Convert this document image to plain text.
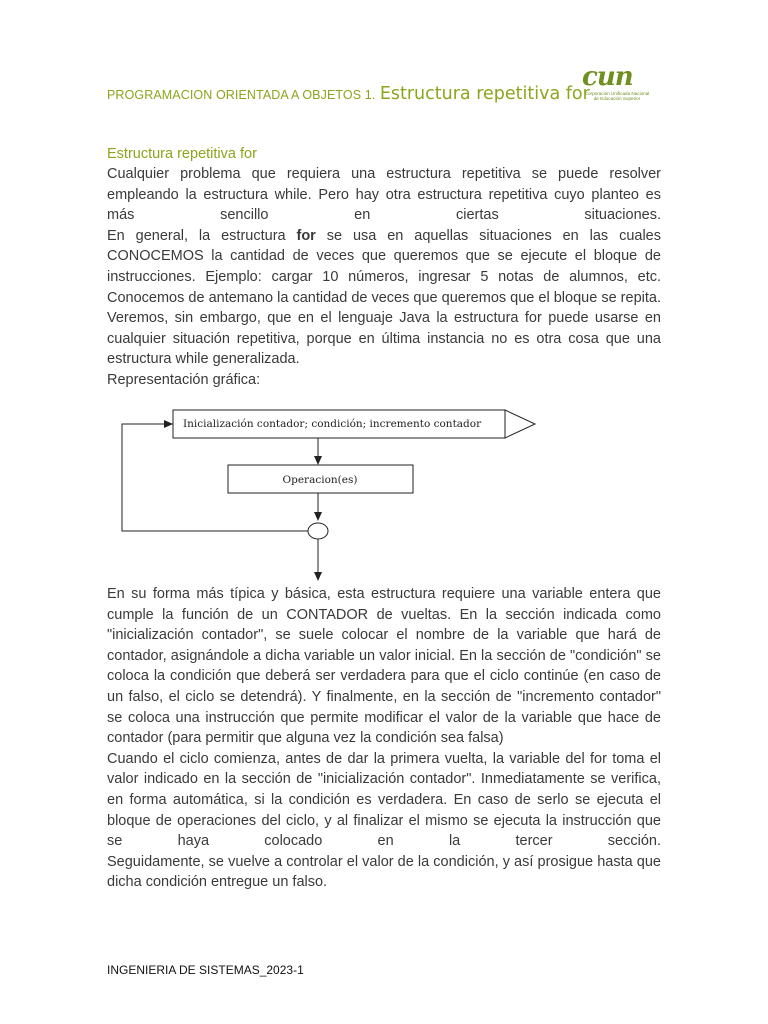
PROGRAMACION ORIENTADA A OBJETOS 1. Estructura repetitiva for
cun
Corporación Unificada Nacional
de Educación Superior
Estructura repetitiva for

Cualquier problema que requiera una estructura repetitiva se puede resolver empleando la estructura while. Pero hay otra estructura repetitiva cuyo planteo es más sencillo en ciertas situaciones.

En general, la estructura for se usa en aquellas situaciones en las cuales CONOCEMOS la cantidad de veces que queremos que se ejecute el bloque de instrucciones. Ejemplo: cargar 10 números, ingresar 5 notas de alumnos, etc. Conocemos de antemano la cantidad de veces que queremos que el bloque se repita. Veremos, sin embargo, que en el lenguaje Java la estructura for puede usarse en cualquier situación repetitiva, porque en última instancia no es otra cosa que una estructura while generalizada.

Representación gráfica:

Inicialización contador; condición; incremento contador
Operacion(es)

En su forma más típica y básica, esta estructura requiere una variable entera que cumple la función de un CONTADOR de vueltas. En la sección indicada como "inicialización contador", se suele colocar el nombre de la variable que hará de contador, asignándole a dicha variable un valor inicial. En la sección de "condición" se coloca la condición que deberá ser verdadera para que el ciclo continúe (en caso de un falso, el ciclo se detendrá). Y finalmente, en la sección de "incremento contador" se coloca una instrucción que permite modificar el valor de la variable que hace de contador (para permitir que alguna vez la condición sea falsa)

Cuando el ciclo comienza, antes de dar la primera vuelta, la variable del for toma el valor indicado en la sección de "inicialización contador". Inmediatamente se verifica, en forma automática, si la condición es verdadera. En caso de serlo se ejecuta el bloque de operaciones del ciclo, y al finalizar el mismo se ejecuta la instrucción que se haya colocado en la tercer sección.

Seguidamente, se vuelve a controlar el valor de la condición, y así prosigue hasta que dicha condición entregue un falso.

INGENIERIA DE SISTEMAS_2023-1
